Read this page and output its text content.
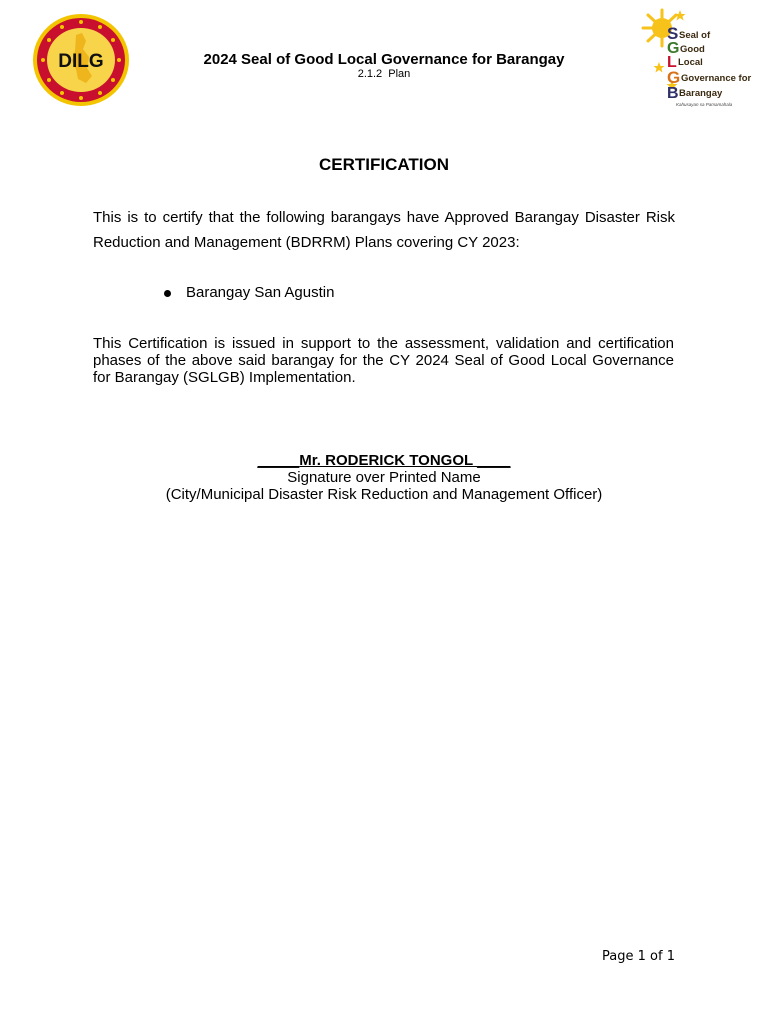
DILG	2024 Seal of Good Local Governance for Barangay
2.1.2  Plan
S
G
L
G
B
Seal of
Good
Local
Governance for
Barangay
Kahusayan sa Pamamahala
CERTIFICATION
This is to certify that the following barangays have Approved Barangay Disaster Risk Reduction and Management (BDRRM) Plans covering CY 2023:
Barangay San Agustin
This Certification is issued in support to the assessment, validation and certification phases of the above said barangay for the CY 2024 Seal of Good Local Governance for Barangay (SGLGB) Implementation.
_____Mr. RODERICK TONGOL ____
Signature over Printed Name
(City/Municipal Disaster Risk Reduction and Management Officer)
Page 1 of 1
